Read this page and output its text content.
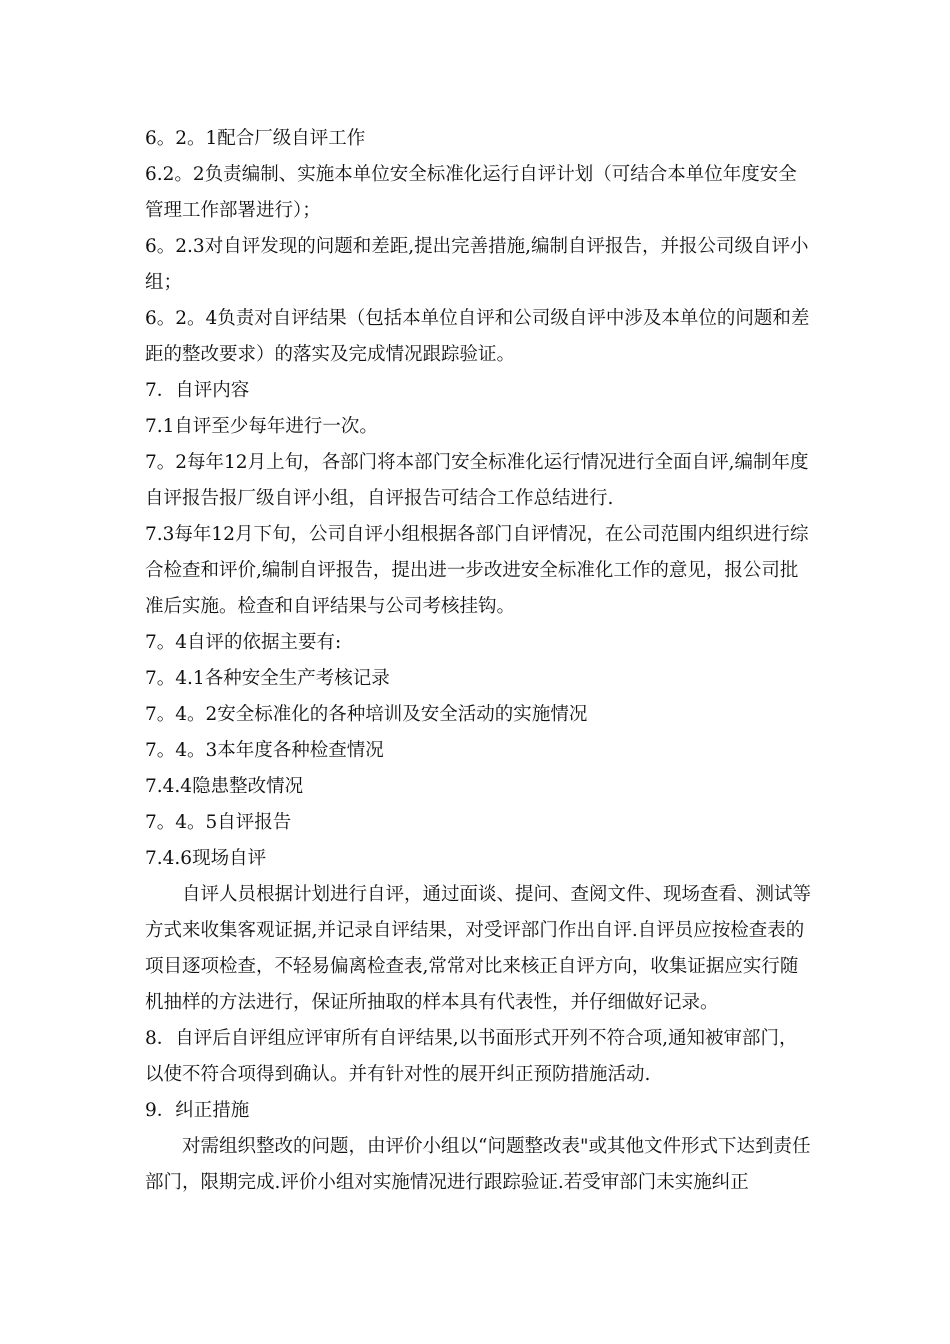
6。2。1配合厂级自评工作

6.2。2负责编制、实施本单位安全标准化运行自评计划（可结合本单位年度安全管理工作部署进行）；

6。2.3对自评发现的问题和差距,提出完善措施,编制自评报告，并报公司级自评小组；

6。2。4负责对自评结果（包括本单位自评和公司级自评中涉及本单位的问题和差距的整改要求）的落实及完成情况跟踪验证。

7．自评内容

7.1自评至少每年进行一次。

7。2每年12月上旬，各部门将本部门安全标准化运行情况进行全面自评,编制年度自评报告报厂级自评小组，自评报告可结合工作总结进行.

7.3每年12月下旬，公司自评小组根据各部门自评情况，在公司范围内组织进行综合检查和评价,编制自评报告，提出进一步改进安全标准化工作的意见，报公司批准后实施。检查和自评结果与公司考核挂钩。

7。4自评的依据主要有:

7。4.1各种安全生产考核记录

7。4。2安全标准化的各种培训及安全活动的实施情况

7。4。3本年度各种检查情况

7.4.4隐患整改情况

7。4。5自评报告

7.4.6现场自评

自评人员根据计划进行自评，通过面谈、提问、查阅文件、现场查看、测试等方式来收集客观证据,并记录自评结果，对受评部门作出自评.自评员应按检查表的项目逐项检查，不轻易偏离检查表,常常对比来核正自评方向，收集证据应实行随机抽样的方法进行，保证所抽取的样本具有代表性，并仔细做好记录。

8．自评后自评组应评审所有自评结果,以书面形式开列不符合项,通知被审部门，以使不符合项得到确认。并有针对性的展开纠正预防措施活动.

9．纠正措施

对需组织整改的问题，由评价小组以“问题整改表"或其他文件形式下达到责任部门，限期完成.评价小组对实施情况进行跟踪验证.若受审部门未实施纠正
